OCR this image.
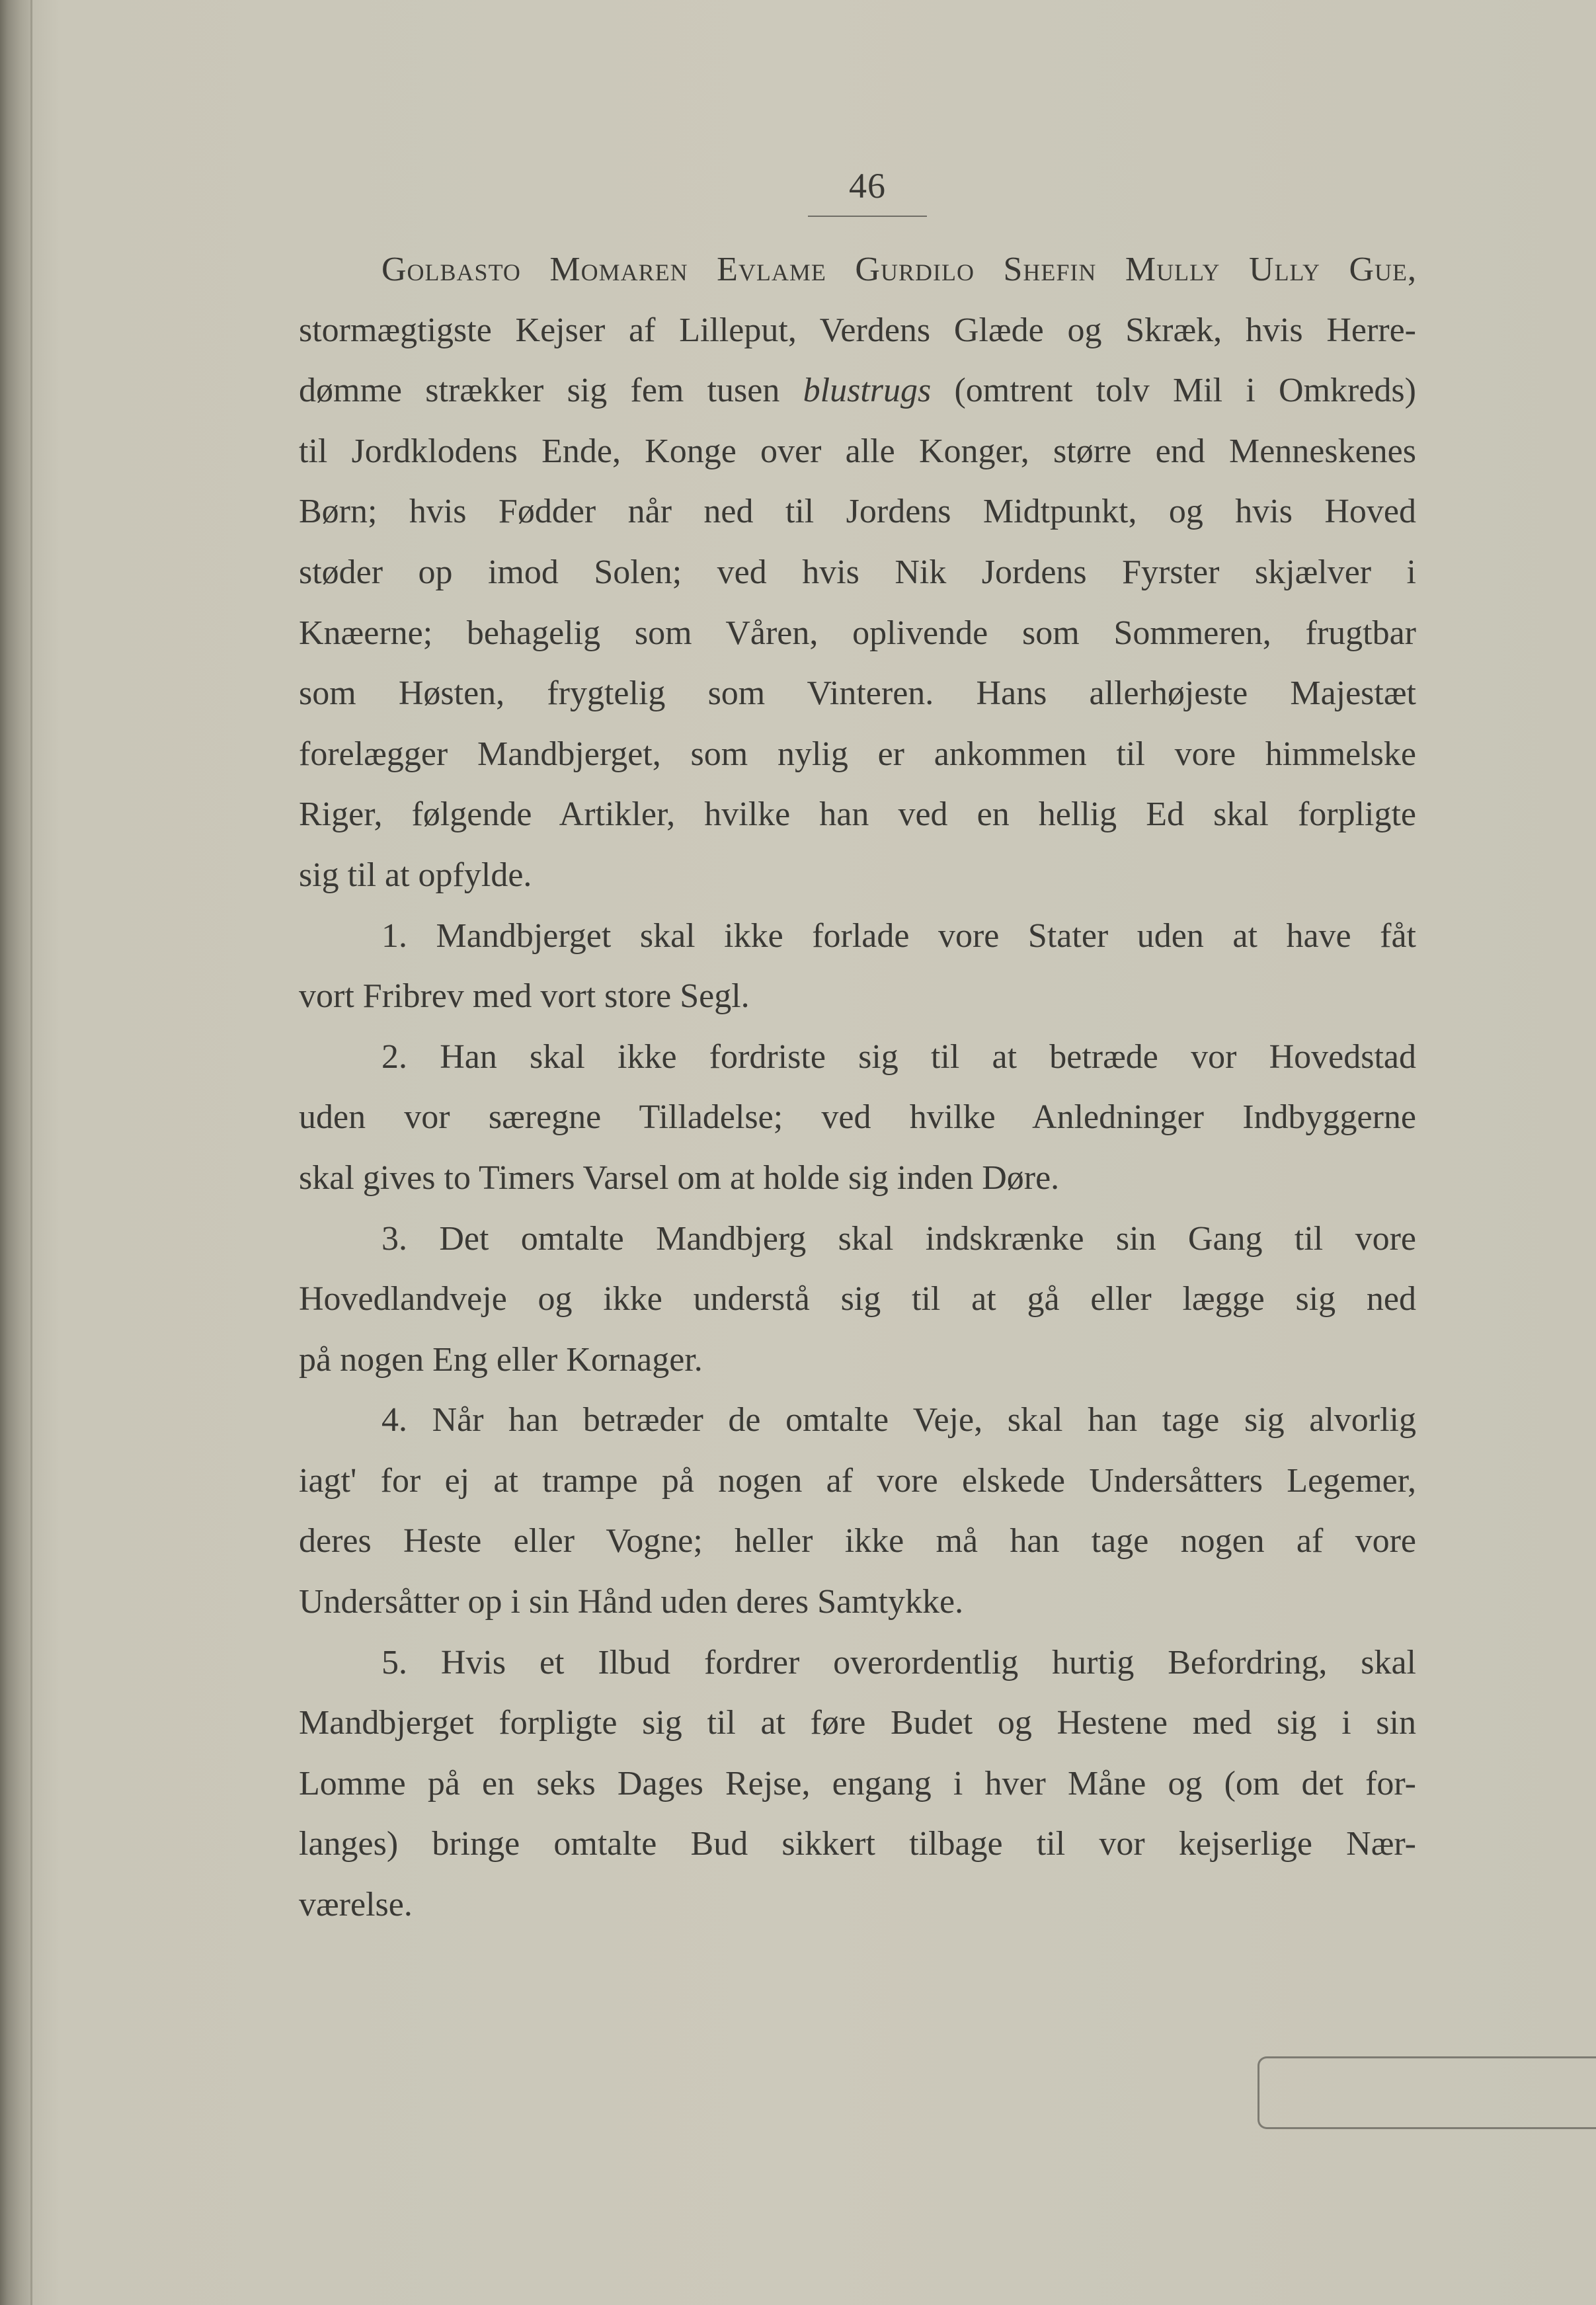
46
Golbasto Momaren Evlame Gurdilo Shefin Mully Ully Gue,
stormægtigste Kejser af Lilleput, Verdens Glæde og Skræk, hvis Herre-
dømme strækker sig fem tusen blustrugs (omtrent tolv Mil i Omkreds)
til Jordklodens Ende, Konge over alle Konger, større end Menneskenes
Børn; hvis Fødder når ned til Jordens Midtpunkt, og hvis Hoved
støder op imod Solen; ved hvis Nik Jordens Fyrster skjælver i
Knæerne; behagelig som Våren, oplivende som Sommeren, frugtbar
som Høsten, frygtelig som Vinteren. Hans allerhøjeste Majestæt
forelægger Mandbjerget, som nylig er ankommen til vore himmelske
Riger, følgende Artikler, hvilke han ved en hellig Ed skal forpligte
sig til at opfylde.
1. Mandbjerget skal ikke forlade vore Stater uden at have fåt
vort Fribrev med vort store Segl.
2. Han skal ikke fordriste sig til at betræde vor Hovedstad
uden vor særegne Tilladelse; ved hvilke Anledninger Indbyggerne
skal gives to Timers Varsel om at holde sig inden Døre.
3. Det omtalte Mandbjerg skal indskrænke sin Gang til vore
Hovedlandveje og ikke understå sig til at gå eller lægge sig ned
på nogen Eng eller Kornager.
4. Når han betræder de omtalte Veje, skal han tage sig alvorlig
iagt' for ej at trampe på nogen af vore elskede Undersåtters Legemer,
deres Heste eller Vogne; heller ikke må han tage nogen af vore
Undersåtter op i sin Hånd uden deres Samtykke.
5. Hvis et Ilbud fordrer overordentlig hurtig Befordring, skal
Mandbjerget forpligte sig til at føre Budet og Hestene med sig i sin
Lomme på en seks Dages Rejse, engang i hver Måne og (om det for-
langes) bringe omtalte Bud sikkert tilbage til vor kejserlige Nær-
værelse.
